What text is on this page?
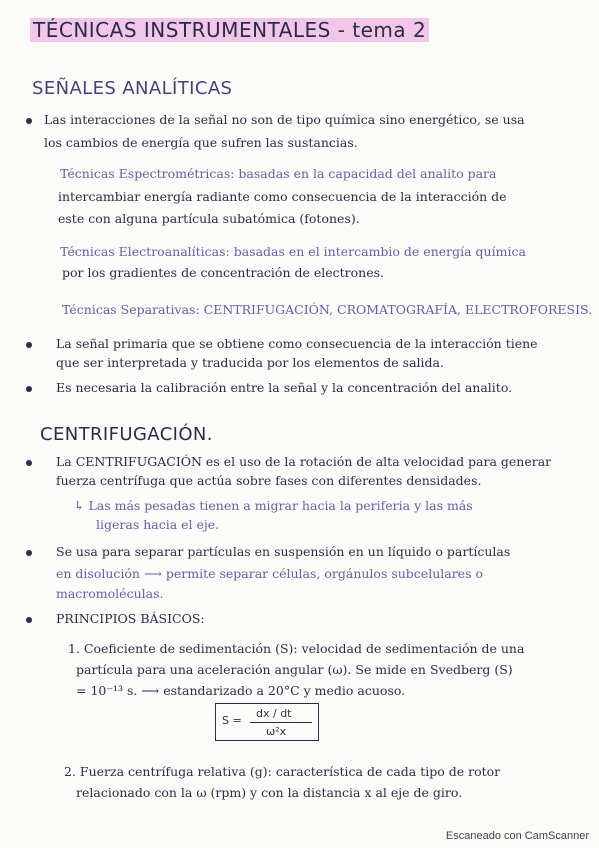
TÉCNICAS INSTRUMENTALES - tema 2
SEÑALES ANALÍTICAS
Las interacciones de la señal no son de tipo química sino energético, se usa
los cambios de energía que sufren las sustancias.
Técnicas Espectrométricas: basadas en la capacidad del analito para
intercambiar energía radiante como consecuencia de la interacción de
este con alguna partícula subatómica (fotones).
Técnicas Electroanalíticas: basadas en el intercambio de energía química
por los gradientes de concentración de electrones.
Técnicas Separativas: CENTRIFUGACIÓN, CROMATOGRAFÍA, ELECTROFORESIS.
La señal primaria que se obtiene como consecuencia de la interacción tiene
que ser interpretada y traducida por los elementos de salida.
Es necesaria la calibración entre la señal y la concentración del analito.
CENTRIFUGACIÓN.
La CENTRIFUGACIÓN es el uso de la rotación de alta velocidad para generar
fuerza centrífuga que actúa sobre fases con diferentes densidades.
↳ Las más pesadas tienen a migrar hacia la periferia y las más
ligeras hacia el eje.
Se usa para separar partículas en suspensión en un líquido o partículas
en disolución ⟶ permite separar células, orgánulos subcelulares o
macromoléculas.
PRINCIPIOS BÁSICOS:
1. Coeficiente de sedimentación (S): velocidad de sedimentación de una
partícula para una aceleración angular (ω). Se mide en Svedberg (S)
= 10⁻¹³ s. ⟶ estandarizado a 20°C y medio acuoso.
S =
dx / dt
ω²x
2. Fuerza centrífuga relativa (g): característica de cada tipo de rotor
relacionado con la ω (rpm) y con la distancia x al eje de giro.
Escaneado con CamScanner
